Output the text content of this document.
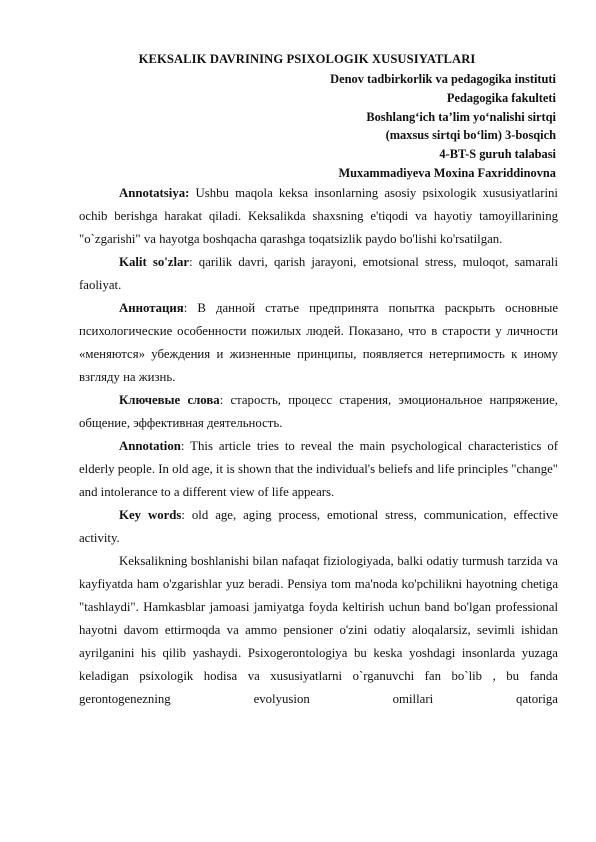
KEKSALIK DAVRINING PSIXOLOGIK XUSUSIYATLARI
Denov tadbirkorlik va pedagogika instituti
Pedagogika fakulteti
Boshlang‘ich ta’lim yo‘nalishi sirtqi
(maxsus sirtqi bo‘lim) 3-bosqich
4-BT-S guruh talabasi
Muxammadiyeva Moxina Faxriddinovna

Annotatsiya: Ushbu maqola keksa insonlarning asosiy psixologik xususiyatlarini ochib berishga harakat qiladi. Keksalikda shaxsning e'tiqodi va hayotiy tamoyillarining "o`zgarishi" va hayotga boshqacha qarashga toqatsizlik paydo bo'lishi ko'rsatilgan.

Kalit so'zlar: qarilik davri, qarish jarayoni, emotsional stress, muloqot, samarali faoliyat.

Аннотация: В данной статье предпринята попытка раскрыть основные психологические особенности пожилых людей. Показано, что в старости у личности «меняются» убеждения и жизненные принципы, появляется нетерпимость к иному взгляду на жизнь.

Ключевые слова: старость, процесс старения, эмоциональное напряжение, общение, эффективная деятельность.

Annotation: This article tries to reveal the main psychological characteristics of elderly people. In old age, it is shown that the individual's beliefs and life principles "change" and intolerance to a different view of life appears.

Key words: old age, aging process, emotional stress, communication, effective activity.

Keksalikning boshlanishi bilan nafaqat fiziologiyada, balki odatiy turmush tarzida va kayfiyatda ham o'zgarishlar yuz beradi. Pensiya tom ma'noda ko'pchilikni hayotning chetiga "tashlaydi". Hamkasblar jamoasi jamiyatga foyda keltirish uchun band bo'lgan professional hayotni davom ettirmoqda va ammo pensioner o'zini odatiy aloqalarsiz, sevimli ishidan ayrilganini his qilib yashaydi. Psixogerontologiya bu keska yoshdagi insonlarda yuzaga keladigan psixologik hodisa va xususiyatlarni o`rganuvchi fan bo`lib , bu fanda gerontogenezning evolyusion omillari qatoriga
